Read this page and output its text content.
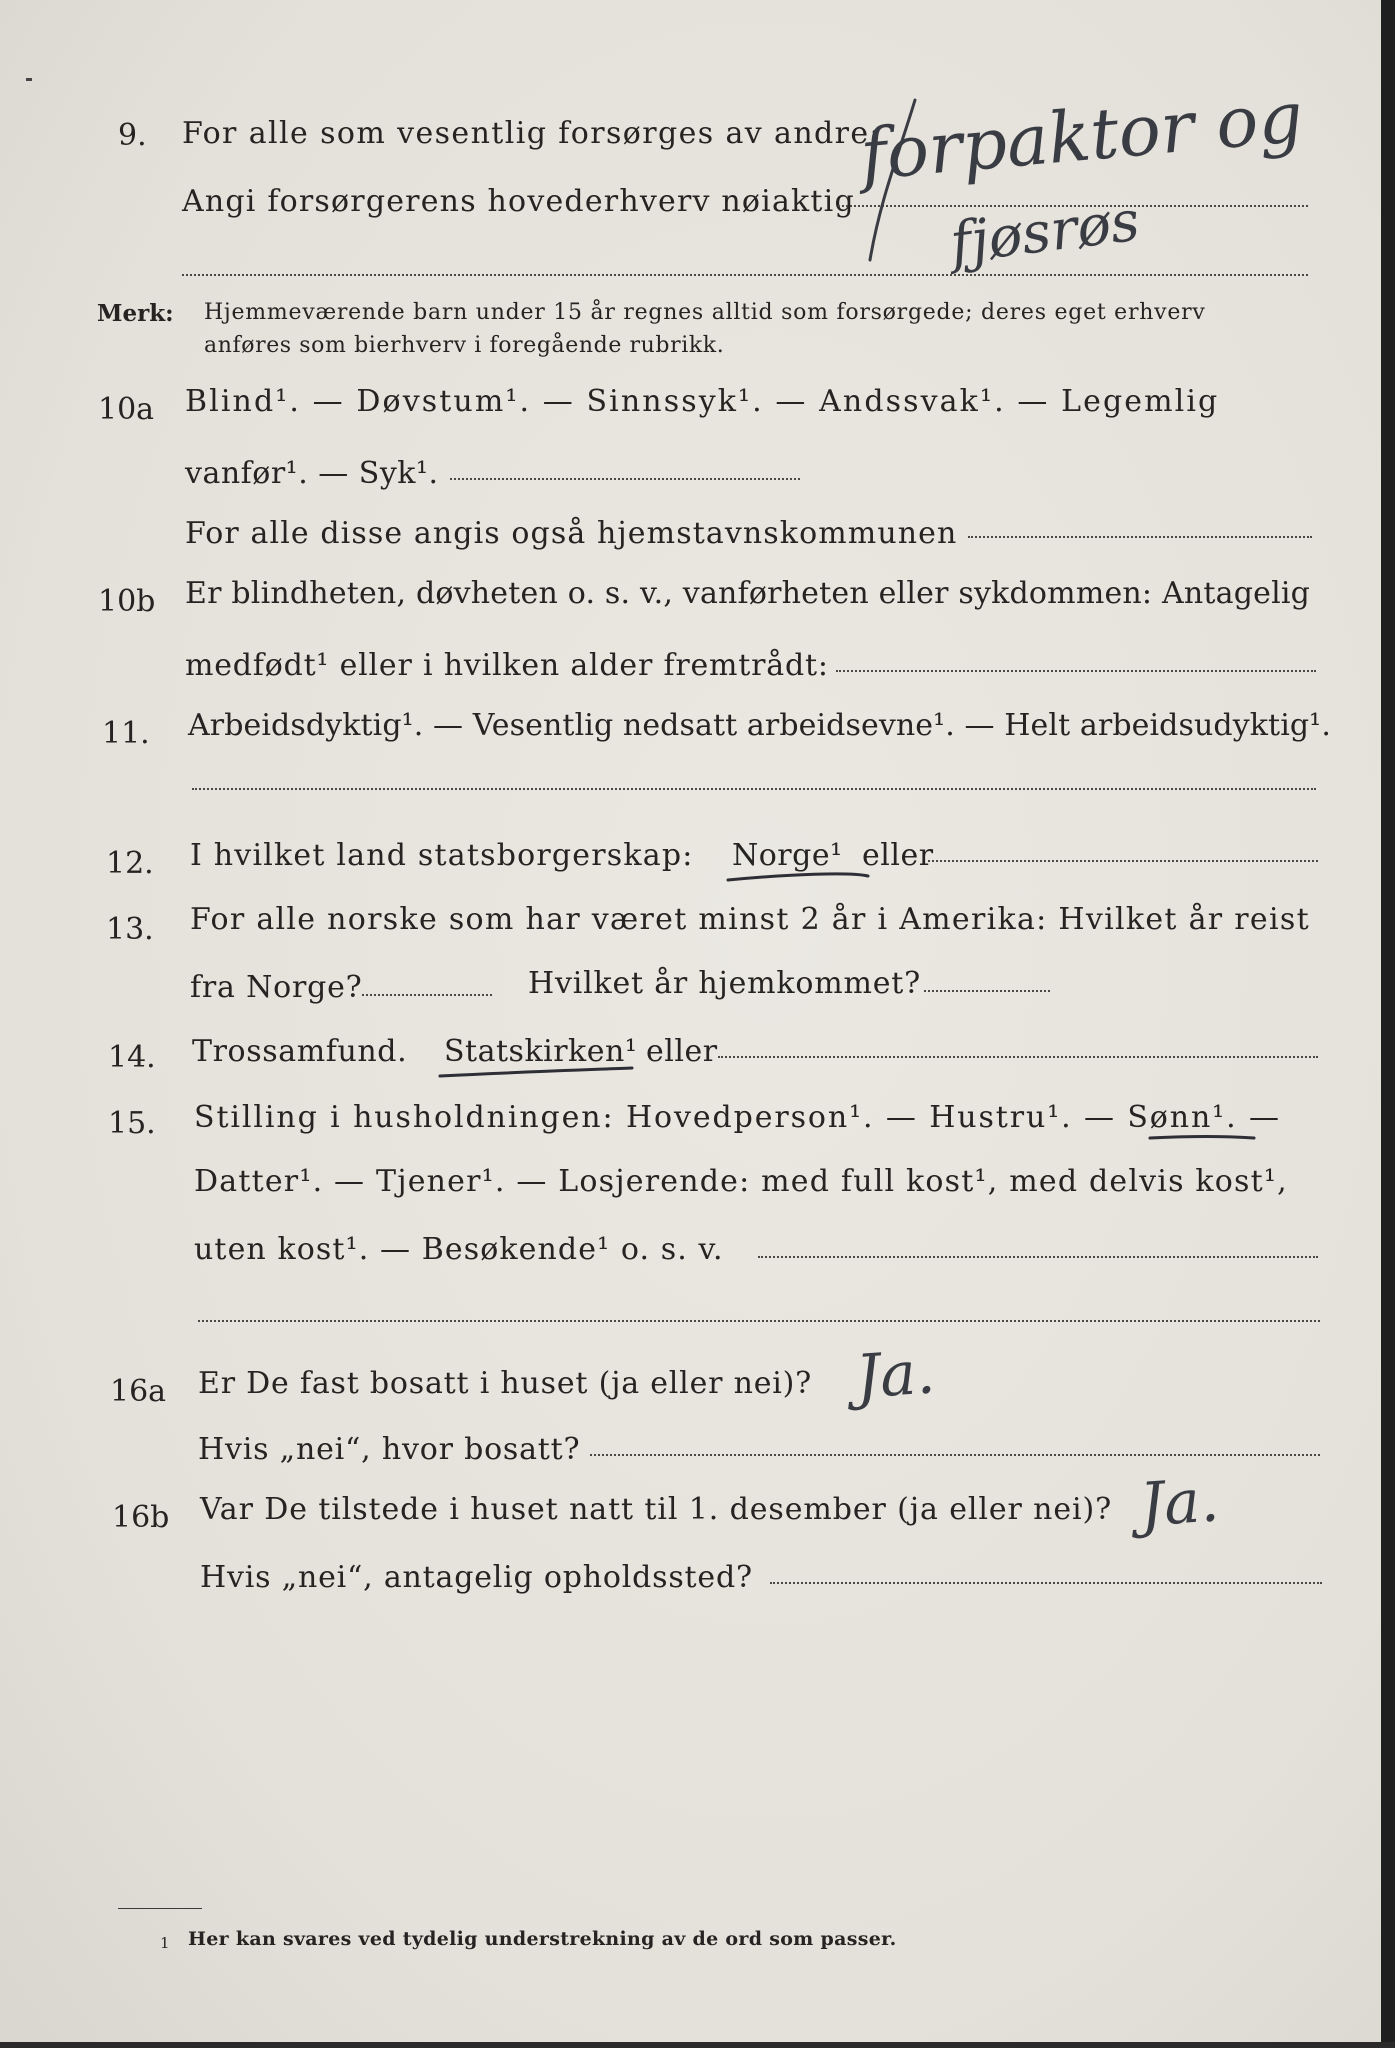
9. For alle som vesentlig forsørges av andre:
Angi forsørgerens hovederhverv nøiaktig
forpaktor og
fjøsrøs
Merk: Hjemmeværende barn under 15 år regnes alltid som forsørgede; deres eget erhverv
anføres som bierhverv i foregående rubrikk.
10a Blind¹. — Døvstum¹. — Sinnssyk¹. — Andssvak¹. — Legemlig
vanfør¹. — Syk¹.
For alle disse angis også hjemstavnskommunen
10b Er blindheten, døvheten o. s. v., vanførheten eller sykdommen: Antagelig
medfødt¹ eller i hvilken alder fremtrådt:
11. Arbeidsdyktig¹. — Vesentlig nedsatt arbeidsevne¹. — Helt arbeidsudyktig¹.
12. I hvilket land statsborgerskap: Norge¹ eller
13. For alle norske som har været minst 2 år i Amerika: Hvilket år reist
fra Norge?	Hvilket år hjemkommet?
14. Trossamfund. Statskirken¹ eller
15. Stilling i husholdningen: Hovedperson¹. — Hustru¹. — Sønn¹. —
Datter¹. — Tjener¹. — Losjerende: med full kost¹, med delvis kost¹,
uten kost¹. — Besøkende¹ o. s. v.
16a Er De fast bosatt i huset (ja eller nei)? Ja.
Hvis „nei“, hvor bosatt?
16b Var De tilstede i huset natt til 1. desember (ja eller nei)? Ja.
Hvis „nei“, antagelig opholdssted?
1 Her kan svares ved tydelig understrekning av de ord som passer.
